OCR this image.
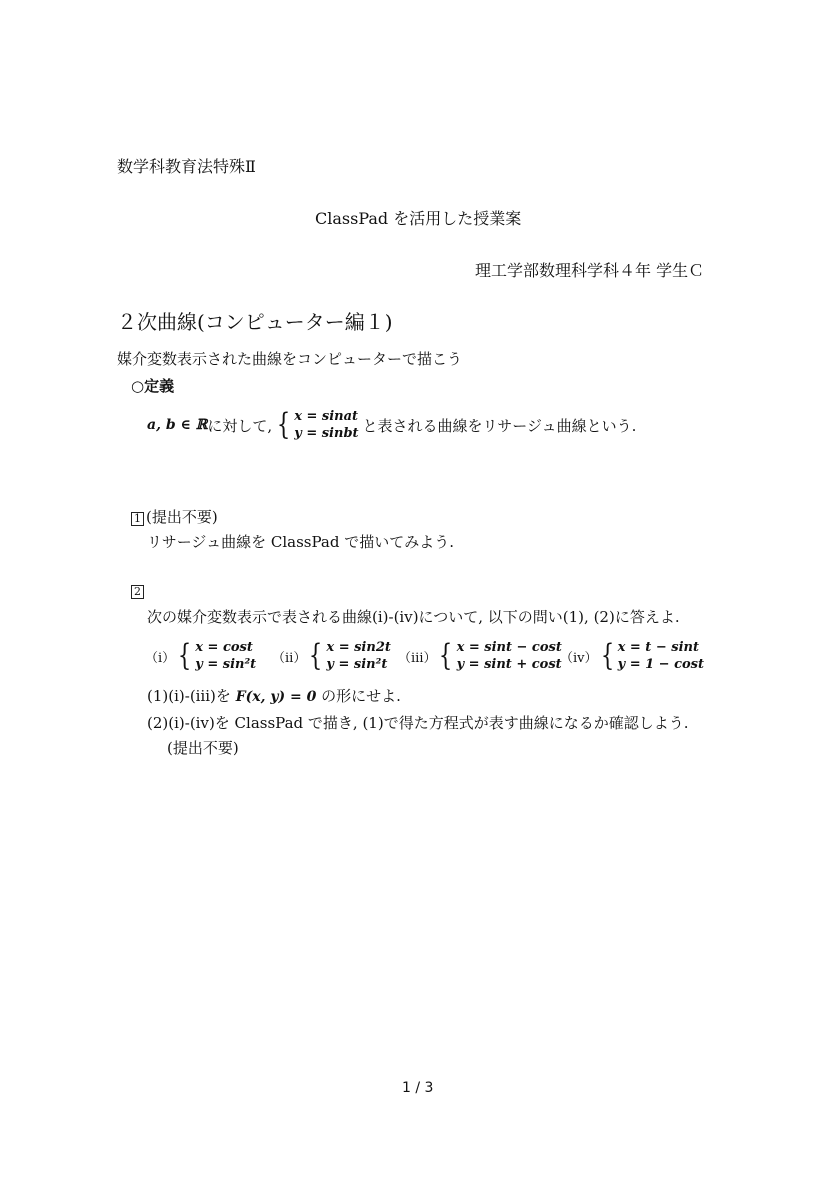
数学科教育法特殊Ⅱ
ClassPad を活用した授業案
理工学部数理科学科４年 学生Ｃ
２次曲線(コンピューター編１)
媒介変数表示された曲線をコンピューターで描こう
○定義
a, b ∈ ℝ に対して, { x = sinat
y = sinbt と表される曲線をリサージュ曲線という.
1 (提出不要)
リサージュ曲線を ClassPad で描いてみよう.
2
次の媒介変数表示で表される曲線(ⅰ)-(ⅳ)について, 以下の問い(1), (2)に答えよ.
（ⅰ） { x = cost
y = sin²t （ⅱ） { x = sin2t
y = sin²t （ⅲ） { x = sint − cost
y = sint + cost
（ⅳ） { x = t − sint
y = 1 − cost
(1)(ⅰ)-(ⅲ)を F(x, y) = 0 の形にせよ.
(2)(ⅰ)-(ⅳ)を ClassPad で描き, (1)で得た方程式が表す曲線になるか確認しよう.
(提出不要)
1 / 3
